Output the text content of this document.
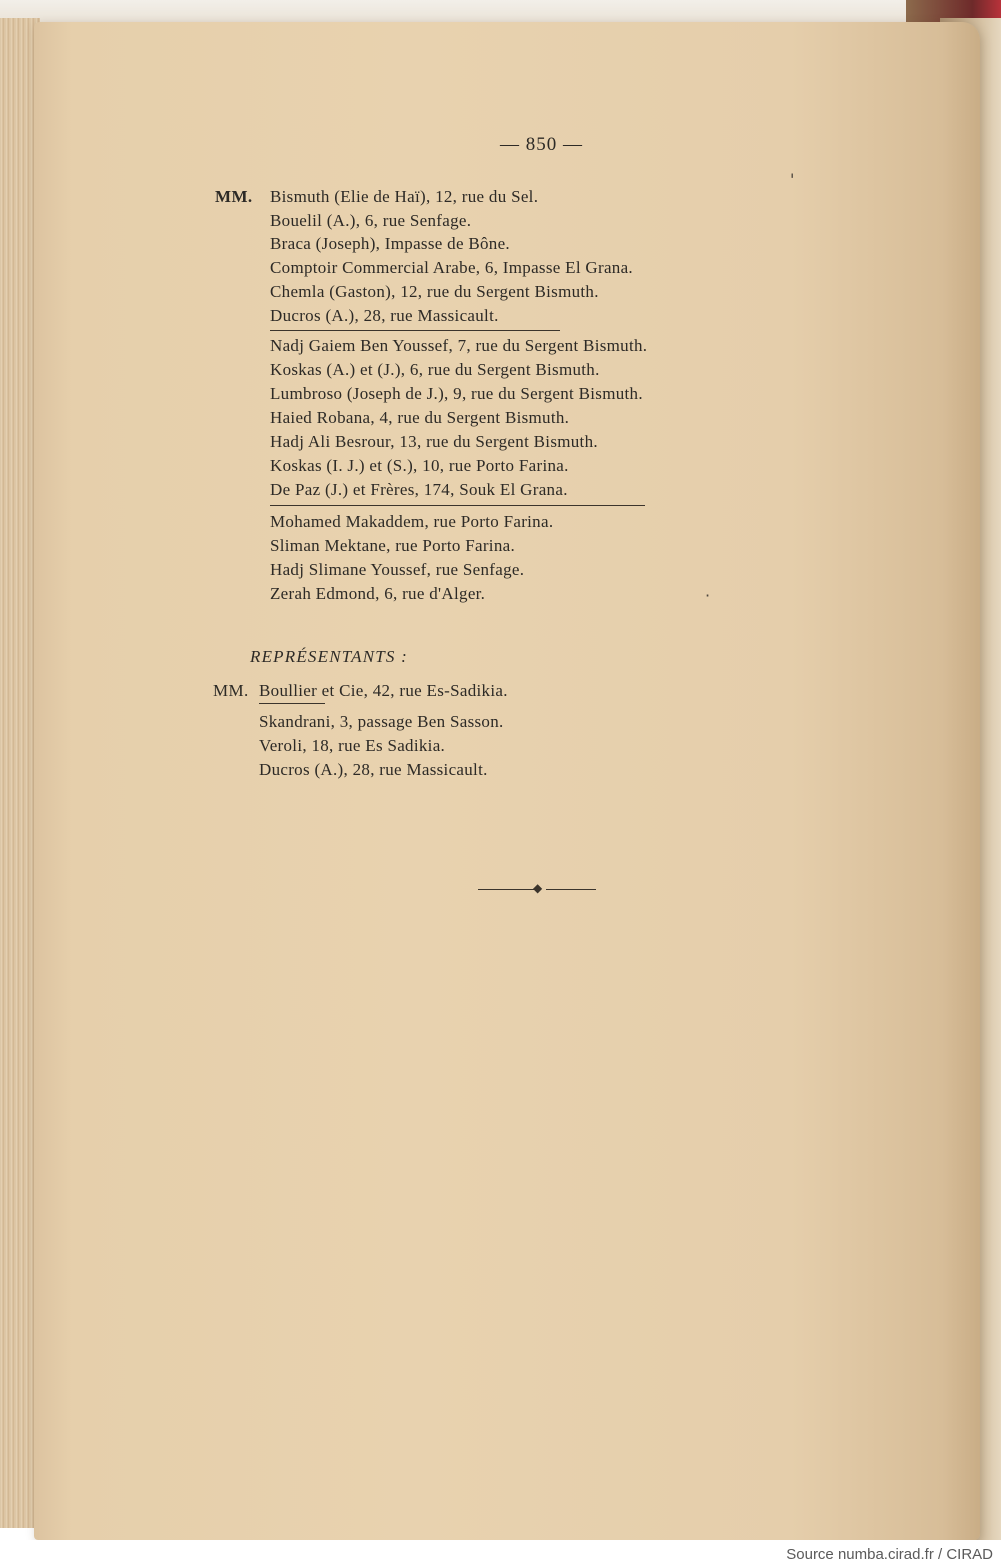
— 850 —
MM. Bismuth (Elie de Haï), 12, rue du Sel.
Bouelil (A.), 6, rue Senfage.
Braca (Joseph), Impasse de Bône.
Comptoir Commercial Arabe, 6, Impasse El Grana.
Chemla (Gaston), 12, rue du Sergent Bismuth.
Ducros (A.), 28, rue Massicault.
Nadj Gaiem Ben Youssef, 7, rue du Sergent Bismuth.
Koskas (A.) et (J.), 6, rue du Sergent Bismuth.
Lumbroso (Joseph de J.), 9, rue du Sergent Bismuth.
Haied Robana, 4, rue du Sergent Bismuth.
Hadj Ali Besrour, 13, rue du Sergent Bismuth.
Koskas (I. J.) et (S.), 10, rue Porto Farina.
De Paz (J.) et Frères, 174, Souk El Grana.
Mohamed Makaddem, rue Porto Farina.
Sliman Mektane, rue Porto Farina.
Hadj Slimane Youssef, rue Senfage.
Zerah Edmond, 6, rue d'Alger.
REPRÉSENTANTS :
MM. Boullier et Cie, 42, rue Es-Sadikia.
Skandrani, 3, passage Ben Sasson.
Veroli, 18, rue Es Sadikia.
Ducros (A.), 28, rue Massicault.
◆
'
·
Source numba.cirad.fr / CIRAD
